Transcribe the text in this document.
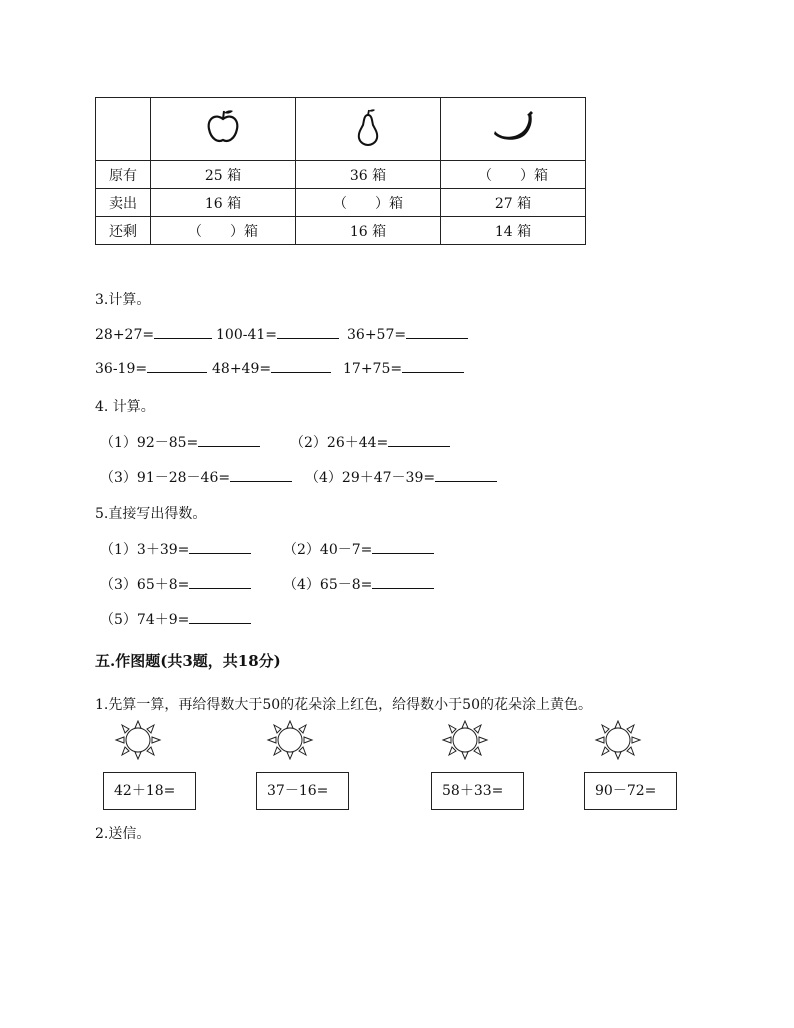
原有	25 箱	36 箱	（　　）箱
卖出	16 箱	（　　）箱	27 箱
还剩	（　　）箱	16 箱	14 箱
3.计算。
28+27=	100-41=	36+57=
36-19=	48+49=	17+75=
4. 计算。
（1）92－85=	（2）26＋44=
（3）91－28－46=	（4）29＋47－39=
5.直接写出得数。
（1）3＋39=	（2）40－7=
（3）65＋8=	（4）65－8=
（5）74＋9=
五.作图题(共3题，共18分)
1.先算一算，再给得数大于50的花朵涂上红色，给得数小于50的花朵涂上黄色。
42＋18=	37－16=	58＋33=	90－72=
2.送信。
